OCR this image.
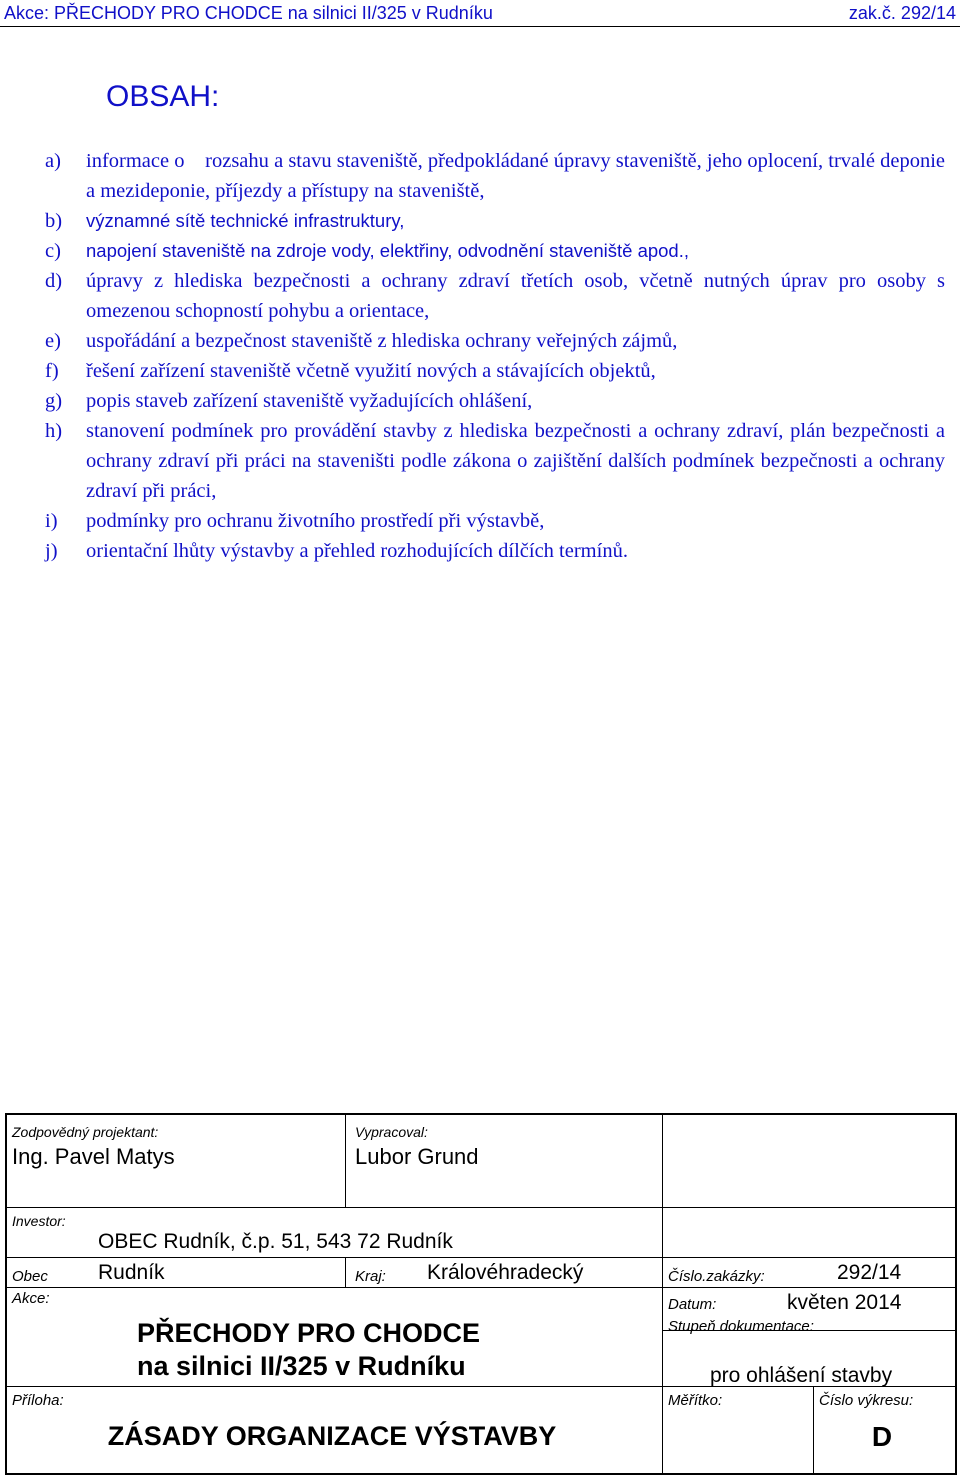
Akce: PŘECHODY PRO CHODCE na silnici II/325 v Rudníku	zak.č. 292/14
OBSAH:
a) informace o    rozsahu a stavu staveniště, předpokládané úpravy staveniště, jeho oplocení, trvalé deponie a mezideponie, příjezdy a přístupy na staveniště,
b) významné sítě technické infrastruktury,
c) napojení staveniště na zdroje vody, elektřiny, odvodnění staveniště apod.,
d) úpravy z hlediska bezpečnosti a ochrany zdraví třetích osob, včetně nutných úprav pro osoby s omezenou schopností pohybu a orientace,
e) uspořádání a bezpečnost staveniště z hlediska ochrany veřejných zájmů,
f) řešení zařízení staveniště včetně využití nových a stávajících objektů,
g) popis staveb zařízení staveniště vyžadujících ohlášení,
h) stanovení podmínek pro provádění stavby z hlediska bezpečnosti a ochrany zdraví, plán bezpečnosti a ochrany zdraví při práci na staveništi podle zákona o zajištění dalších podmínek bezpečnosti a ochrany zdraví při práci,
i) podmínky pro ochranu životního prostředí při výstavbě,
j) orientační lhůty výstavby a přehled rozhodujících dílčích termínů.
Zodpovědný projektant:
Ing. Pavel Matys
Vypracoval:
Lubor Grund
Investor:
OBEC Rudník, č.p. 51, 543 72 Rudník
Obec Rudník	Kraj: Královéhradecký	Číslo.zakázky:	292/14
Akce:
PŘECHODY PRO CHODCE
na silnici II/325 v Rudníku
Datum:	květen 2014
Stupeň dokumentace:
pro ohlášení stavby
Příloha:
ZÁSADY ORGANIZACE VÝSTAVBY
Měřítko:	Číslo výkresu:
D
